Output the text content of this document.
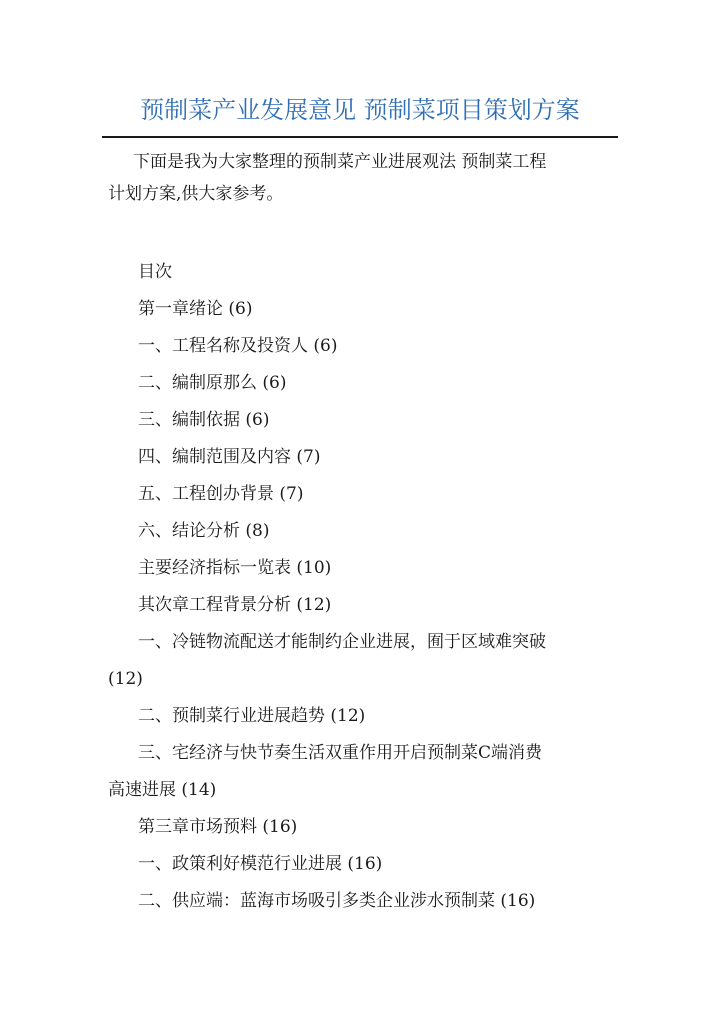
预制菜产业发展意见 预制菜项目策划方案
下面是我为大家整理的预制菜产业进展观法 预制菜工程
计划方案,供大家参考。
目次
第一章绪论 (6)
一、工程名称及投资人 (6)
二、编制原那么 (6)
三、编制依据 (6)
四、编制范围及内容 (7)
五、工程创办背景 (7)
六、结论分析 (8)
主要经济指标一览表 (10)
其次章工程背景分析 (12)
一、冷链物流配送才能制约企业进展，囿于区域难突破
(12)
二、预制菜行业进展趋势 (12)
三、宅经济与快节奏生活双重作用开启预制菜C端消费
高速进展 (14)
第三章市场预料 (16)
一、政策利好模范行业进展 (16)
二、供应端：蓝海市场吸引多类企业涉水预制菜 (16)
